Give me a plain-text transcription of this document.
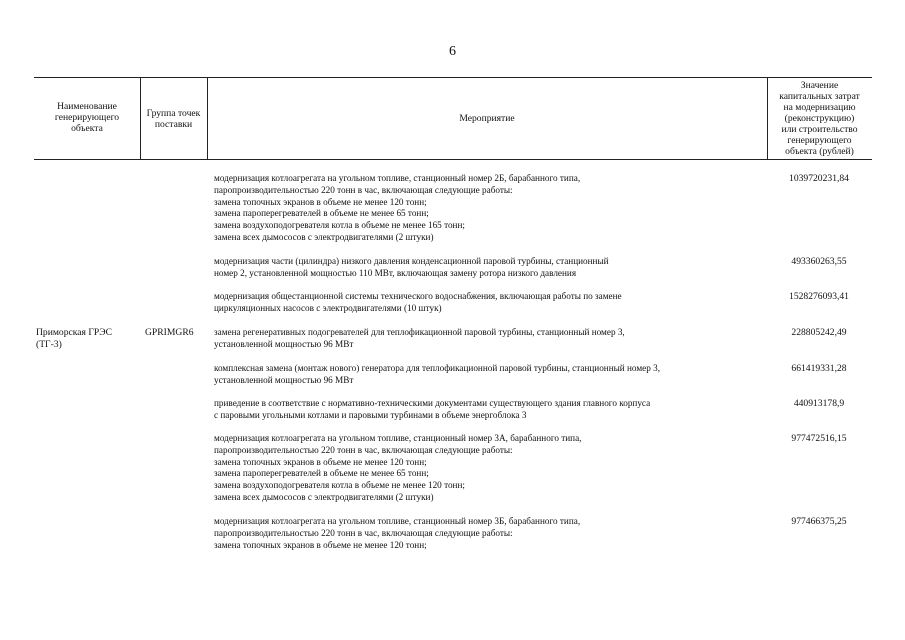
6
Наименование
генерирующего
объекта
Группа точек
поставки
Мероприятие
Значение
капитальных затрат
на модернизацию
(реконструкцию)
или строительство
генерирующего
объекта (рублей)
Приморская ГРЭС
(ТГ-3)
GPRIMGR6
модернизация котлоагрегата на угольном топливе, станционный номер 2Б, барабанного типа,
паропроизводительностью 220 тонн в час, включающая следующие работы:
замена топочных экранов в объеме не менее 120 тонн;
замена пароперегревателей в объеме не менее 65 тонн;
замена воздухоподогревателя котла в объеме не менее 165 тонн;
замена всех дымососов с электродвигателями (2 штуки)
1039720231,84
модернизация части (цилиндра) низкого давления конденсационной паровой турбины, станционный
номер 2, установленной мощностью 110 МВт, включающая замену ротора низкого давления
493360263,55
модернизация общестанционной системы технического водоснабжения, включающая работы по замене
циркуляционных насосов с электродвигателями (10 штук)
1528276093,41
замена регенеративных подогревателей для теплофикационной паровой турбины, станционный номер 3,
установленной мощностью 96 МВт
228805242,49
комплексная замена (монтаж нового) генератора для теплофикационной паровой турбины, станционный номер 3,
установленной мощностью 96 МВт
661419331,28
приведение в соответствие с нормативно-техническими документами существующего здания главного корпуса
с паровыми угольными котлами и паровыми турбинами в объеме энергоблока 3
440913178,9
модернизация котлоагрегата на угольном топливе, станционный номер 3А, барабанного типа,
паропроизводительностью 220 тонн в час, включающая следующие работы:
замена топочных экранов в объеме не менее 120 тонн;
замена пароперегревателей в объеме не менее 65 тонн;
замена воздухоподогревателя котла в объеме не менее 120 тонн;
замена всех дымососов с электродвигателями (2 штуки)
977472516,15
модернизация котлоагрегата на угольном топливе, станционный номер 3Б, барабанного типа,
паропроизводительностью 220 тонн в час, включающая следующие работы:
замена топочных экранов в объеме не менее 120 тонн;
977466375,25
